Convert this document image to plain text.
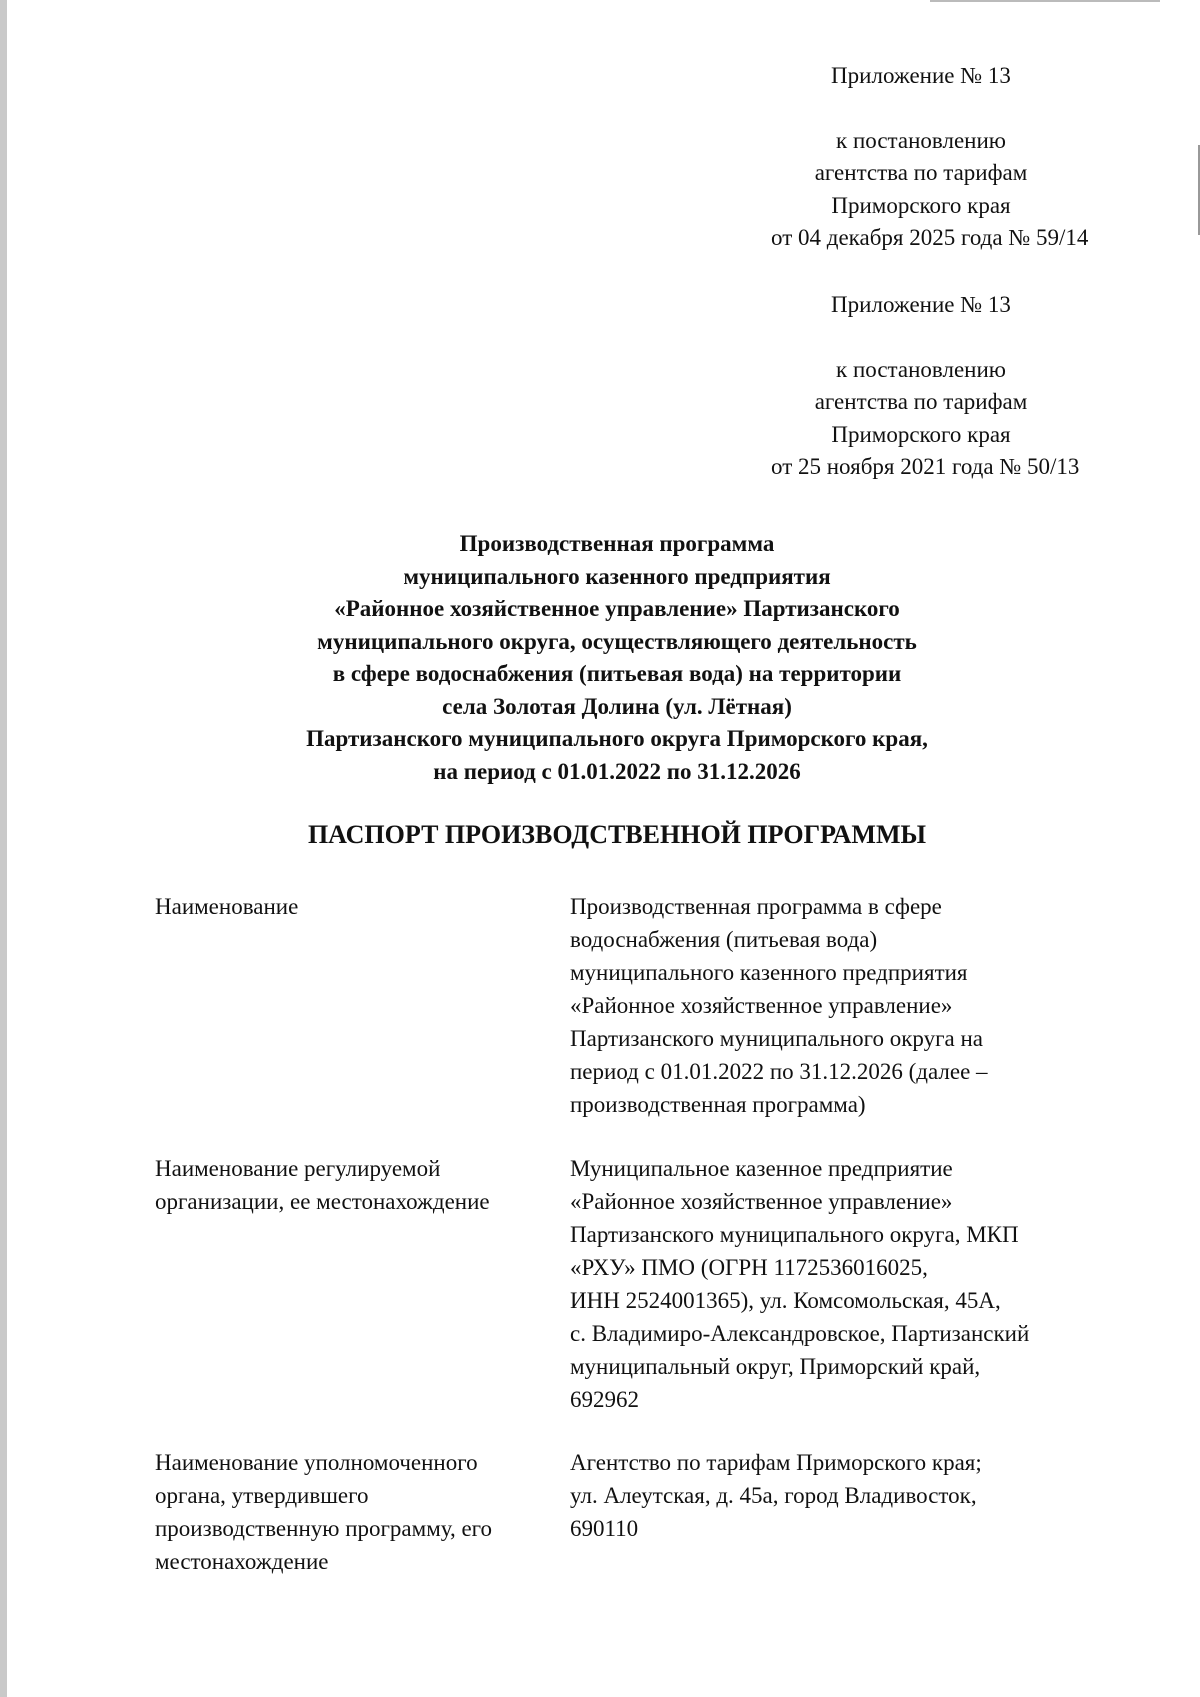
Приложение № 13
к постановлению
агентства по тарифам
Приморского края
от 04 декабря 2025 года № 59/14
Приложение № 13
к постановлению
агентства по тарифам
Приморского края
от 25 ноября 2021 года № 50/13
Производственная программа
муниципального казенного предприятия
«Районное хозяйственное управление» Партизанского
муниципального округа, осуществляющего деятельность
в сфере водоснабжения (питьевая вода) на территории
села Золотая Долина (ул. Лётная)
Партизанского муниципального округа Приморского края,
на период с 01.01.2022 по 31.12.2026
ПАСПОРТ ПРОИЗВОДСТВЕННОЙ ПРОГРАММЫ
Наименование	Производственная программа в сфере
водоснабжения (питьевая вода)
муниципального казенного предприятия
«Районное хозяйственное управление»
Партизанского муниципального округа на
период с 01.01.2022 по 31.12.2026 (далее –
производственная программа)
Наименование регулируемой
организации, ее местонахождение
Муниципальное казенное предприятие
«Районное хозяйственное управление»
Партизанского муниципального округа, МКП
«РХУ» ПМО (ОГРН 1172536016025,
ИНН 2524001365), ул. Комсомольская, 45А,
с. Владимиро-Александровское, Партизанский
муниципальный округ, Приморский край,
692962
Наименование уполномоченного
органа, утвердившего
производственную программу, его
местонахождение
Агентство по тарифам Приморского края;
ул. Алеутская, д. 45а, город Владивосток,
690110
